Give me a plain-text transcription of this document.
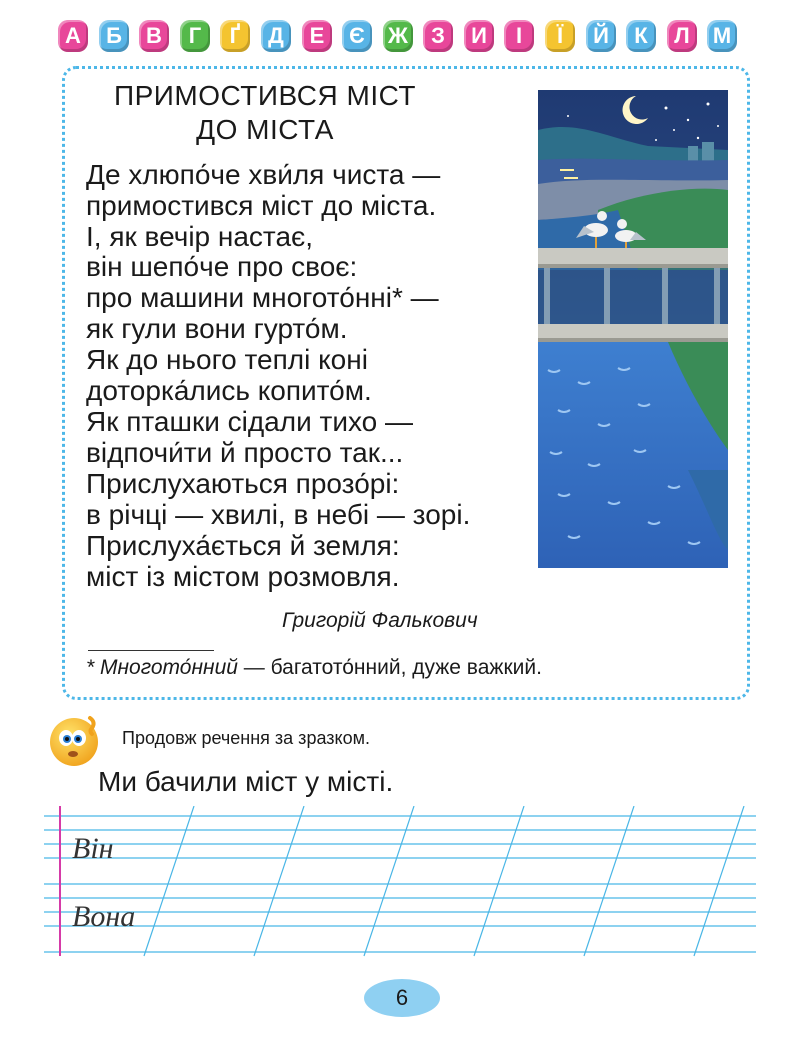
А	Б	В	Г	Ґ	Д	Е	Є	Ж	З	И	І	Ї	Й	К	Л	М
ПРИМОСТИВСЯ МІСТ
ДО МІСТА
Де хлюпо́че хви́ля чиста —
примостився міст до міста.
І, як вечір настає,
він шепо́че про своє:
про машини многото́нні* —
як гули вони гурто́м.
Як до нього теплі коні
доторка́лись копито́м.
Як пташки сідали тихо —
відпочи́ти й просто так...
Прислухаються прозо́рі:
в річці — хвилі, в небі — зорі.
Прислуха́ється й земля:
міст із містом розмовля.
Григорій Фалькович
* Многото́нний — багатото́нний, дуже важкий.
Продовж речення за зразком.
Ми бачили міст у місті.
Він
Вона
6
